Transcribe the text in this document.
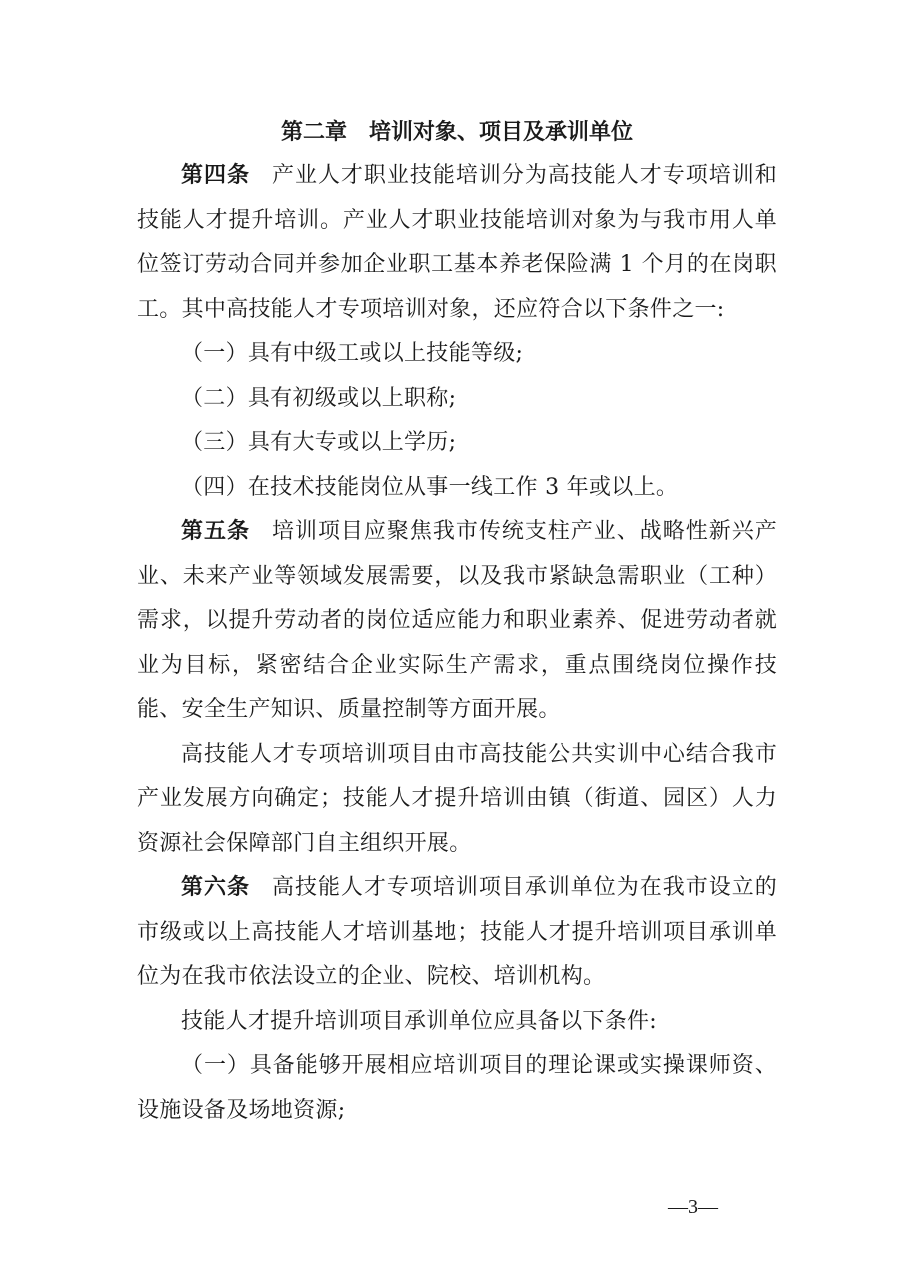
第二章　培训对象、项目及承训单位

第四条 产业人才职业技能培训分为高技能人才专项培训和技能人才提升培训。产业人才职业技能培训对象为与我市用人单位签订劳动合同并参加企业职工基本养老保险满 1 个月的在岗职工。其中高技能人才专项培训对象，还应符合以下条件之一:

（一）具有中级工或以上技能等级;

（二）具有初级或以上职称;

（三）具有大专或以上学历;

（四）在技术技能岗位从事一线工作 3 年或以上。

第五条 培训项目应聚焦我市传统支柱产业、战略性新兴产业、未来产业等领域发展需要，以及我市紧缺急需职业（工种）需求，以提升劳动者的岗位适应能力和职业素养、促进劳动者就业为目标，紧密结合企业实际生产需求，重点围绕岗位操作技能、安全生产知识、质量控制等方面开展。

高技能人才专项培训项目由市高技能公共实训中心结合我市产业发展方向确定；技能人才提升培训由镇（街道、园区）人力资源社会保障部门自主组织开展。

第六条 高技能人才专项培训项目承训单位为在我市设立的市级或以上高技能人才培训基地；技能人才提升培训项目承训单位为在我市依法设立的企业、院校、培训机构。

技能人才提升培训项目承训单位应具备以下条件:

（一）具备能够开展相应培训项目的理论课或实操课师资、设施设备及场地资源;

—3—
